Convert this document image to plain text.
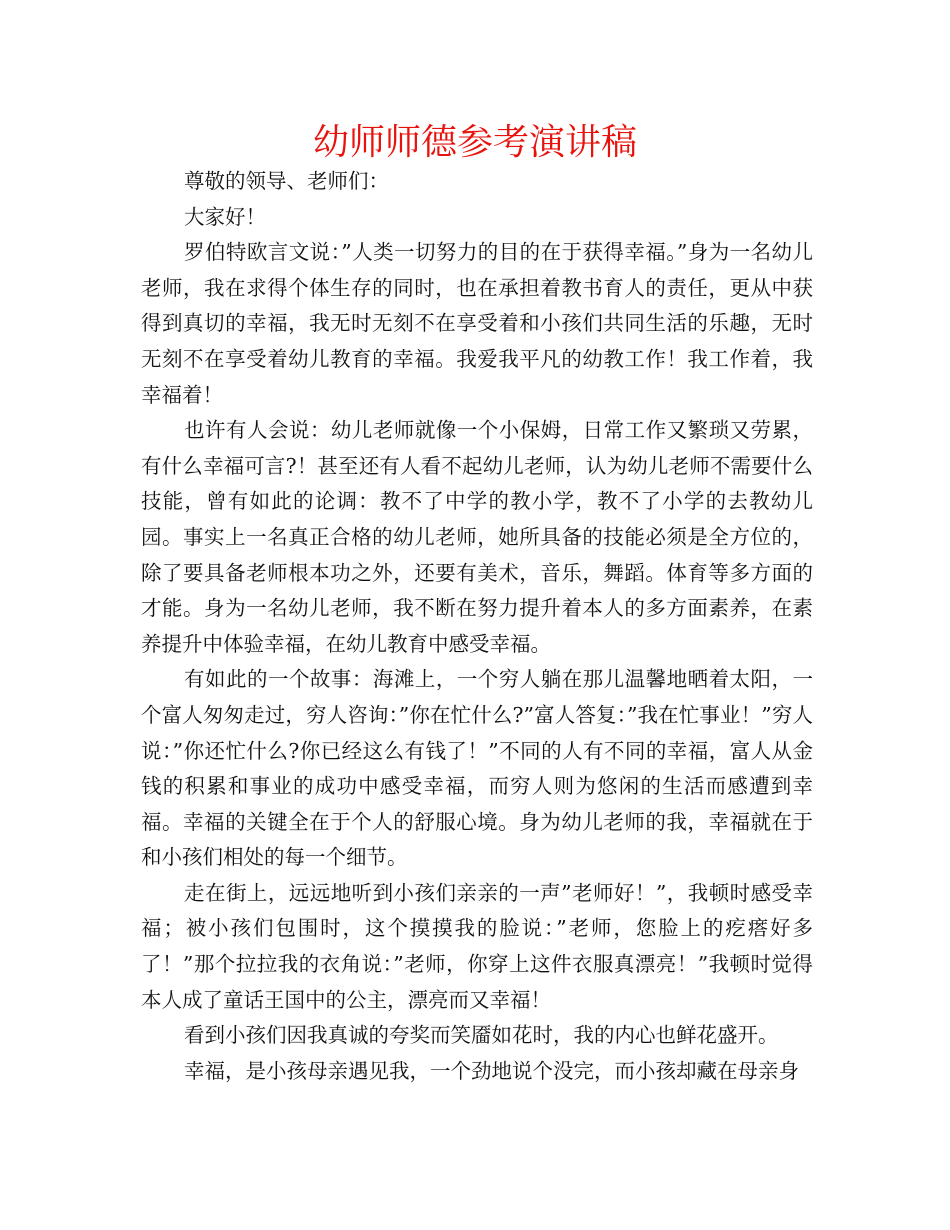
幼师师德参考演讲稿

尊敬的领导、老师们：

大家好！

罗伯特欧言文说：”人类一切努力的目的在于获得幸福。”身为一名幼儿老师，我在求得个体生存的同时，也在承担着教书育人的责任，更从中获得到真切的幸福，我无时无刻不在享受着和小孩们共同生活的乐趣，无时无刻不在享受着幼儿教育的幸福。我爱我平凡的幼教工作！我工作着，我幸福着！

也许有人会说：幼儿老师就像一个小保姆，日常工作又繁琐又劳累，有什么幸福可言?！甚至还有人看不起幼儿老师，认为幼儿老师不需要什么技能，曾有如此的论调：教不了中学的教小学，教不了小学的去教幼儿园。事实上一名真正合格的幼儿老师，她所具备的技能必须是全方位的，除了要具备老师根本功之外，还要有美术，音乐，舞蹈。体育等多方面的才能。身为一名幼儿老师，我不断在努力提升着本人的多方面素养，在素养提升中体验幸福，在幼儿教育中感受幸福。

有如此的一个故事：海滩上，一个穷人躺在那儿温馨地晒着太阳，一个富人匆匆走过，穷人咨询：”你在忙什么?”富人答复：”我在忙事业！”穷人说：”你还忙什么?你已经这么有钱了！”不同的人有不同的幸福，富人从金钱的积累和事业的成功中感受幸福，而穷人则为悠闲的生活而感遭到幸福。幸福的关键全在于个人的舒服心境。身为幼儿老师的我，幸福就在于和小孩们相处的每一个细节。

走在街上，远远地听到小孩们亲亲的一声”老师好！”，我顿时感受幸福；被小孩们包围时，这个摸摸我的脸说：”老师，您脸上的疙瘩好多了！”那个拉拉我的衣角说：”老师，你穿上这件衣服真漂亮！”我顿时觉得本人成了童话王国中的公主，漂亮而又幸福！

看到小孩们因我真诚的夸奖而笑靥如花时，我的内心也鲜花盛开。

幸福，是小孩母亲遇见我，一个劲地说个没完，而小孩却藏在母亲身
